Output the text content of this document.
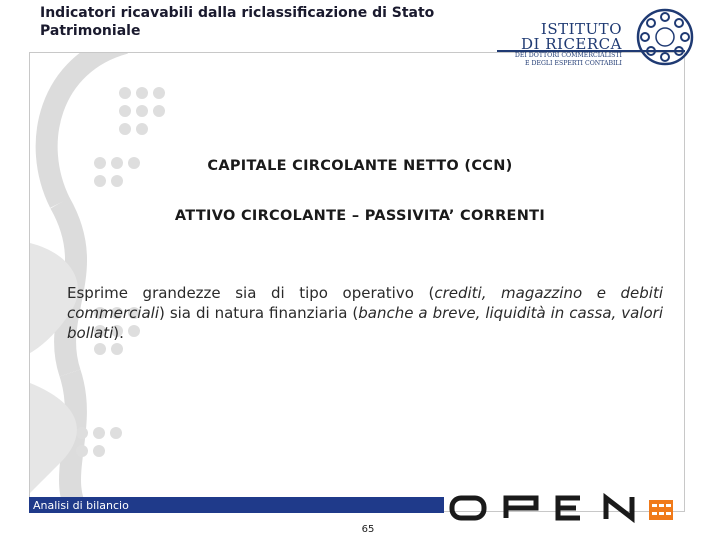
Indicatori ricavabili dalla riclassificazione di Stato Patrimoniale	ISTITUTO
DI RICERCA
DEI DOTTORI COMMERCIALISTI
E DEGLI ESPERTI CONTABILI
CAPITALE CIRCOLANTE NETTO (CCN)
ATTIVO CIRCOLANTE – PASSIVITA’ CORRENTI
Esprime grandezze sia di tipo operativo (crediti, magazzino e debiti commerciali) sia di natura finanziaria (banche a breve, liquidità in cassa, valori bollati).
Analisi di bilancio
65
